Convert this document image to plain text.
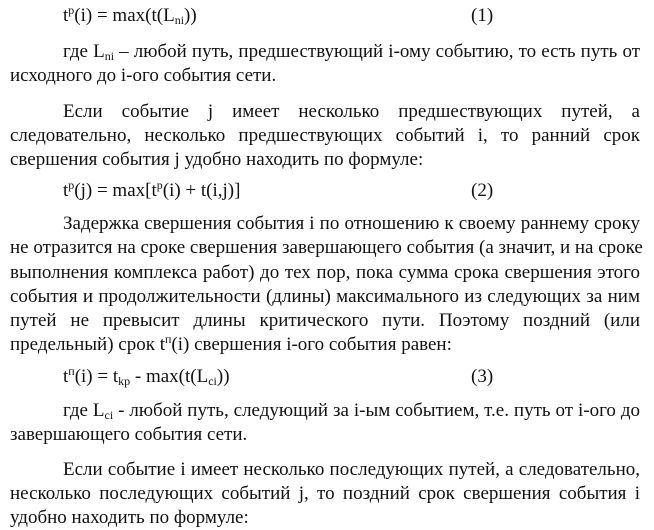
$t^р(i) = \max(t(L_{ni}))$	(1)
где $L_{ni}$ – любой путь, предшествующий i-ому событию, то есть путь от
исходного до i-ого события сети.
Если событие j имеет несколько предшествующих путей, а
следовательно, несколько предшествующих событий i, то ранний срок
свершения события j удобно находить по формуле:
$t^р(j) = \max[t^р(i) + t(i,j)]$	(2)
Задержка свершения события i по отношению к своему раннему сроку
не отразится на сроке свершения завершающего события (а значит, и на сроке
выполнения комплекса работ) до тех пор, пока сумма срока свершения этого
события и продолжительности (длины) максимального из следующих за ним
путей не превысит длины критического пути. Поэтому поздний (или
предельный) срок $t^п(i)$ свершения i-ого события равен:
$t^п(i) = t_{kp} - \max(t(L_{ci}))$	(3)
где $L_{ci}$ - любой путь, следующий за i-ым событием, т.е. путь от i-ого до
завершающего события сети.
Если событие i имеет несколько последующих путей, а следовательно,
несколько последующих событий j, то поздний срок свершения события i
удобно находить по формуле:
